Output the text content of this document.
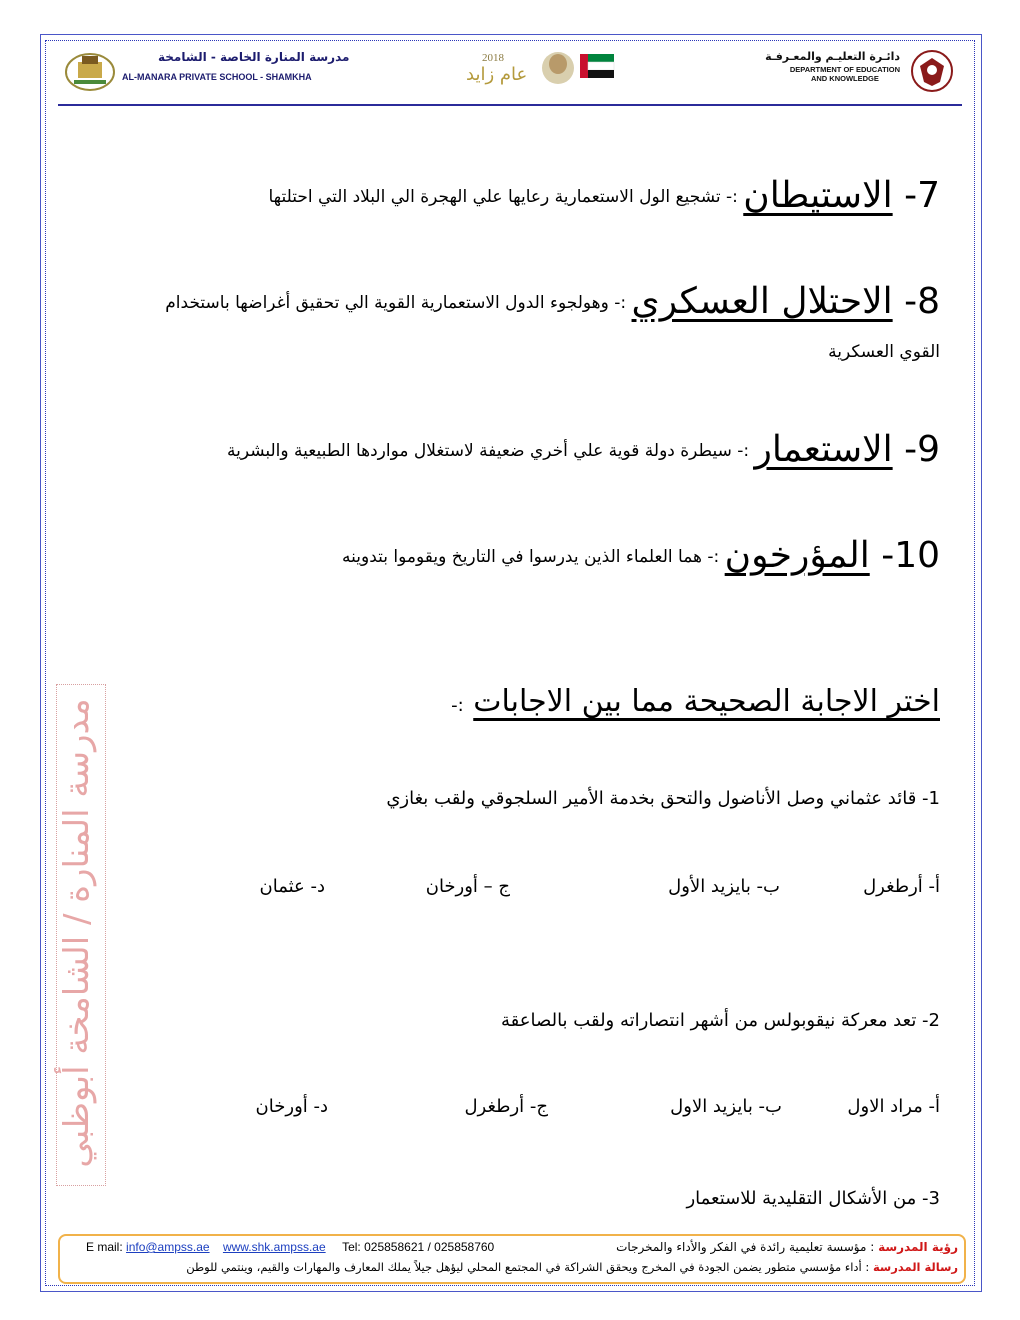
مدرسة المنارة الخاصة - الشامخة
AL-MANARA PRIVATE SCHOOL - SHAMKHA
2018
عام زايد
دائـرة التعليـم والمعـرفـة
DEPARTMENT OF EDUCATION
AND KNOWLEDGE
7- الاستيطان :- تشجيع الول الاستعمارية رعايها علي الهجرة الي البلاد التي احتلتها
8- الاحتلال العسكري :- وهولجوء الدول الاستعمارية القوية الي تحقيق أغراضها باستخدام
القوي العسكرية
9- الاستعمار :- سيطرة دولة قوية علي أخري ضعيفة لاستغلال مواردها الطبيعية والبشرية
10- المؤرخون :- هما العلماء الذين يدرسوا في التاريخ ويقوموا بتدوينه
اختر الاجابة الصحيحة مما بين الاجابات :-
1- قائد عثماني وصل الأناضول والتحق بخدمة الأمير السلجوقي ولقب بغازي
أ- أرطغرل
ب- بايزيد الأول
ج – أورخان
د- عثمان
2- تعد معركة نيقوبولس من أشهر انتصاراته ولقب بالصاعقة
أ- مراد الاول
ب- بايزيد الاول
ج- أرطغرل
د- أورخان
3- من الأشكال التقليدية للاستعمار
مدرسة المنارة / الشامخة أبوظبي
رؤية المدرسة : مؤسسة تعليمية رائدة في الفكر والأداء والمخرجات
رسالة المدرسة : أداء مؤسسي متطور يضمن الجودة في المخرج ويحقق الشراكة في المجتمع المحلي ليؤهل جيلاً يملك المعارف والمهارات والقيم، وينتمي للوطن
E mail: info@ampss.ae www.shk.ampss.ae Tel: 025858621 / 025858760
